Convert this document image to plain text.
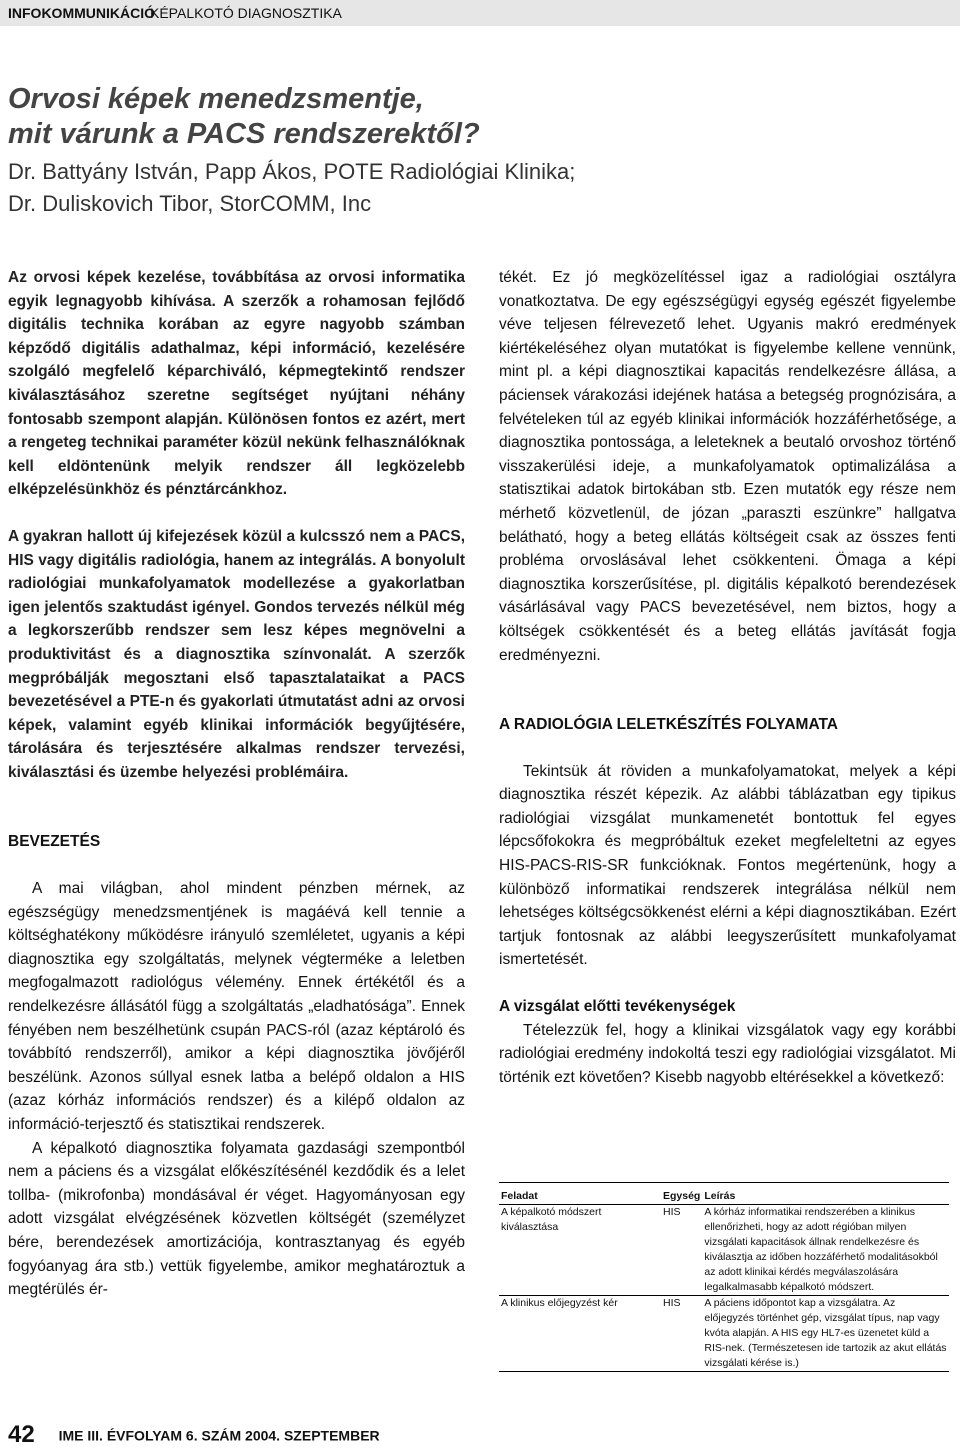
INFOKOMMUNIKÁCIÓ
KÉPALKOTÓ DIAGNOSZTIKA
Orvosi képek menedzsmentje,
mit várunk a PACS rendszerektől?
Dr. Battyány István, Papp Ákos, POTE Radiológiai Klinika;
Dr. Duliskovich Tibor, StorCOMM, Inc

Az orvosi képek kezelése, továbbítása az orvosi informatika egyik legnagyobb kihívása. A szerzők a rohamosan fejlődő digitális technika korában az egyre nagyobb számban képződő digitális adathalmaz, képi információ, kezelésére szolgáló megfelelő képarchiváló, képmegtekintő rendszer kiválasztásához szeretne segítséget nyújtani néhány fontosabb szempont alapján. Különösen fontos ez azért, mert a rengeteg technikai paraméter közül nekünk felhasználóknak kell eldöntenünk melyik rendszer áll legközelebb elképzelésünkhöz és pénztárcánkhoz.

A gyakran hallott új kifejezések közül a kulcsszó nem a PACS, HIS vagy digitális radiológia, hanem az integrálás. A bonyolult radiológiai munkafolyamatok modellezése a gyakorlatban igen jelentős szaktudást igényel. Gondos tervezés nélkül még a legkorszerűbb rendszer sem lesz képes megnövelni a produktivitást és a diagnosztika színvonalát. A szerzők megpróbálják megosztani első tapasztalataikat a PACS bevezetésével a PTE-n és gyakorlati útmutatást adni az orvosi képek, valamint egyéb klinikai információk begyűjtésére, tárolására és terjesztésére alkalmas rendszer tervezési, kiválasztási és üzembe helyezési problémáira.

BEVEZETÉS

A mai világban, ahol mindent pénzben mérnek, az egészségügy menedzsmentjének is magáévá kell tennie a költséghatékony működésre irányuló szemléletet, ugyanis a képi diagnosztika egy szolgáltatás, melynek végterméke a leletben megfogalmazott radiológus vélemény. Ennek értékétől és a rendelkezésre állásától függ a szolgáltatás „eladhatósága”. Ennek fényében nem beszélhetünk csupán PACS-ról (azaz képtároló és továbbító rendszerről), amikor a képi diagnosztika jövőjéről beszélünk. Azonos súllyal esnek latba a belépő oldalon a HIS (azaz kórház információs rendszer) és a kilépő oldalon az információ-terjesztő és statisztikai rendszerek.

A képalkotó diagnosztika folyamata gazdasági szempontból nem a páciens és a vizsgálat előkészítésénél kezdődik és a lelet tollba- (mikrofonba) mondásával ér véget. Hagyományosan egy adott vizsgálat elvégzésének közvetlen költségét (személyzet bére, berendezések amortizációja, kontrasztanyag és egyéb fogyóanyag ára stb.) vettük figyelembe, amikor meghatároztuk a megtérülés ér-

tékét. Ez jó megközelítéssel igaz a radiológiai osztályra vonatkoztatva. De egy egészségügyi egység egészét figyelembe véve teljesen félrevezető lehet. Ugyanis makró eredmények kiértékeléséhez olyan mutatókat is figyelembe kellene vennünk, mint pl. a képi diagnosztikai kapacitás rendelkezésre állása, a páciensek várakozási idejének hatása a betegség prognózisára, a felvételeken túl az egyéb klinikai információk hozzáférhetősége, a diagnosztika pontossága, a leleteknek a beutaló orvoshoz történő visszakerülési ideje, a munkafolyamatok optimalizálása a statisztikai adatok birtokában stb. Ezen mutatók egy része nem mérhető közvetlenül, de józan „paraszti eszünkre” hallgatva belátható, hogy a beteg ellátás költségeit csak az összes fenti probléma orvoslásával lehet csökkenteni. Ömaga a képi diagnosztika korszerűsítése, pl. digitális képalkotó berendezések vásárlásával vagy PACS bevezetésével, nem biztos, hogy a költségek csökkentését és a beteg ellátás javítását fogja eredményezni.

A RADIOLÓGIA LELETKÉSZÍTÉS FOLYAMATA

Tekintsük át röviden a munkafolyamatokat, melyek a képi diagnosztika részét képezik. Az alábbi táblázatban egy tipikus radiológiai vizsgálat munkamenetét bontottuk fel egyes lépcsőfokokra és megpróbáltuk ezeket megfeleltetni az egyes HIS-PACS-RIS-SR funkcióknak. Fontos megértenünk, hogy a különböző informatikai rendszerek integrálása nélkül nem lehetséges költségcsökkenést elérni a képi diagnosztikában. Ezért tartjuk fontosnak az alábbi leegyszerűsített munkafolyamat ismertetését.

A vizsgálat előtti tevékenységek

Tételezzük fel, hogy a klinikai vizsgálatok vagy egy korábbi radiológiai eredmény indokoltá teszi egy radiológiai vizsgálatot. Mi történik ezt követően? Kisebb nagyobb eltérésekkel a következő:

Feladat	Egység	Leírás
A képalkotó módszert kiválasztása	HIS	A kórház informatikai rendszerében a klinikus ellenőrizheti, hogy az adott régióban milyen vizsgálati kapacitások állnak rendelkezésre és kiválasztja az időben hozzáférhető modalitásokból az adott klinikai kérdés megválaszolására legalkalmasabb képalkotó módszert.
A klinikus előjegyzést kér	HIS	A páciens időpontot kap a vizsgálatra. Az előjegyzés történhet gép, vizsgálat típus, nap vagy kvóta alapján. A HIS egy HL7-es üzenetet küld a RIS-nek. (Természetesen ide tartozik az akut ellátás vizsgálati kérése is.)
42 IME III. ÉVFOLYAM 6. SZÁM 2004. SZEPTEMBER
